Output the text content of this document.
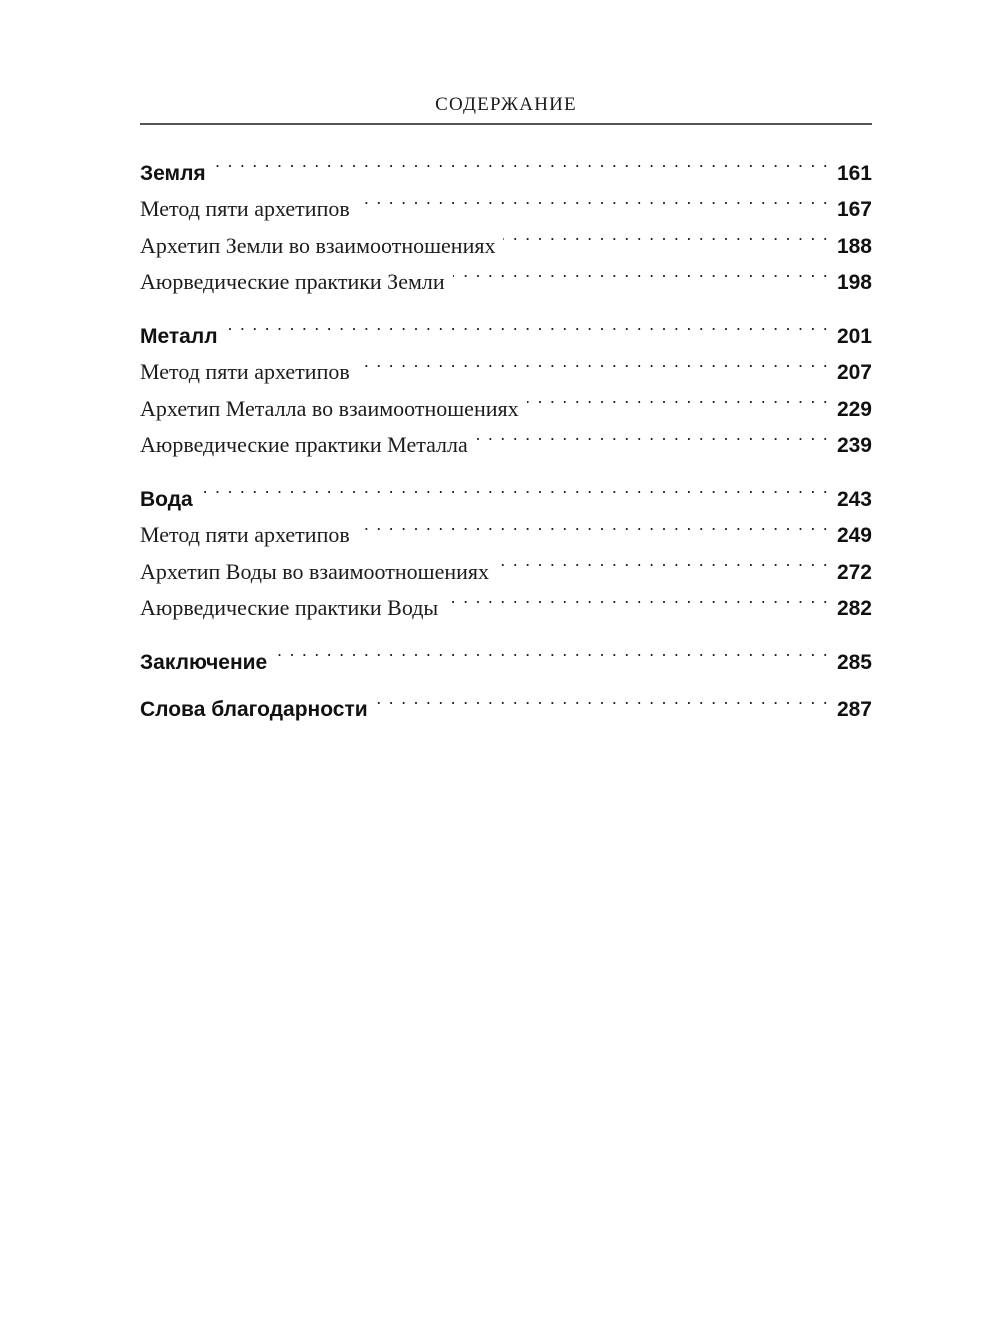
СОДЕРЖАНИЕ
Земля . . .	161
Метод пяти архетипов . . .	167
Архетип Земли во взаимоотношениях . . .	188
Аюрведические практики Земли . . .	198
Металл . . .	201
Метод пяти архетипов . . .	207
Архетип Металла во взаимоотношениях . . .	229
Аюрведические практики Металла . . .	239
Вода . . .	243
Метод пяти архетипов . . .	249
Архетип Воды во взаимоотношениях . . .	272
Аюрведические практики Воды . . .	282
Заключение . . .	285
Слова благодарности . . .	287
